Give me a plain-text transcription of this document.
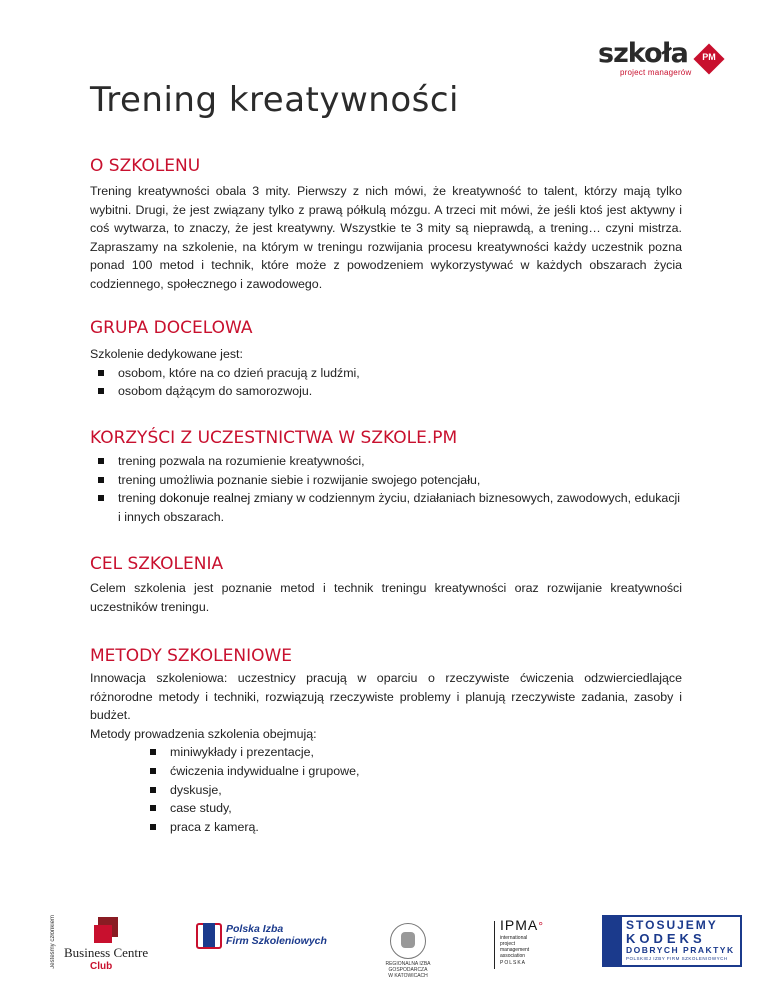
szkoła
project managerów
PM
Trening kreatywności
O SZKOLENU
Trening kreatywności obala 3 mity. Pierwszy z nich mówi, że kreatywność to talent, którzy mają tylko wybitni. Drugi, że jest związany tylko z prawą półkulą mózgu. A trzeci mit mówi, że jeśli ktoś jest aktywny i coś wytwarza, to znaczy, że jest kreatywny. Wszystkie te 3 mity są nieprawdą, a trening… czyni mistrza. Zapraszamy na szkolenie, na którym w treningu rozwijania procesu kreatywności każdy uczestnik pozna ponad 100 metod i technik, które może z powodzeniem wykorzystywać w każdych obszarach życia codziennego, społecznego i zawodowego.
GRUPA DOCELOWA
Szkolenie dedykowane jest:
osobom, które na co dzień pracują z ludźmi,
osobom dążącym do samorozwoju.
KORZYŚCI Z UCZESTNICTWA W SZKOLE.PM
trening pozwala na rozumienie kreatywności,
trening umożliwia poznanie siebie i rozwijanie swojego potencjału,
trening dokonuje realnej zmiany w codziennym życiu, działaniach biznesowych, zawodowych, edukacji i innych obszarach.
CEL SZKOLENIA
Celem szkolenia jest poznanie metod i technik treningu kreatywności oraz rozwijanie kreatywności uczestników treningu.
METODY SZKOLENIOWE
Innowacja szkoleniowa: uczestnicy pracują w oparciu o rzeczywiste ćwiczenia odzwierciedlające różnorodne metody i techniki, rozwiązują rzeczywiste problemy i planują rzeczywiste zadania, zasoby i budżet.
Metody prowadzenia szkolenia obejmują:
miniwykłady i prezentacje,
ćwiczenia indywidualne i grupowe,
dyskusje,
case study,
praca z kamerą.
Jesteśmy członkiem Business Centre
Club
Polska Izba
Firm Szkoleniowych
REGIONALNA IZBA GOSPODARCZA
W KATOWICACH
IPMA°
international
project
management
association
POLSKA
STOSUJEMY
KODEKS
DOBRYCH PRAKTYK
POLSKIEJ IZBY FIRM SZKOLENIOWYCH
